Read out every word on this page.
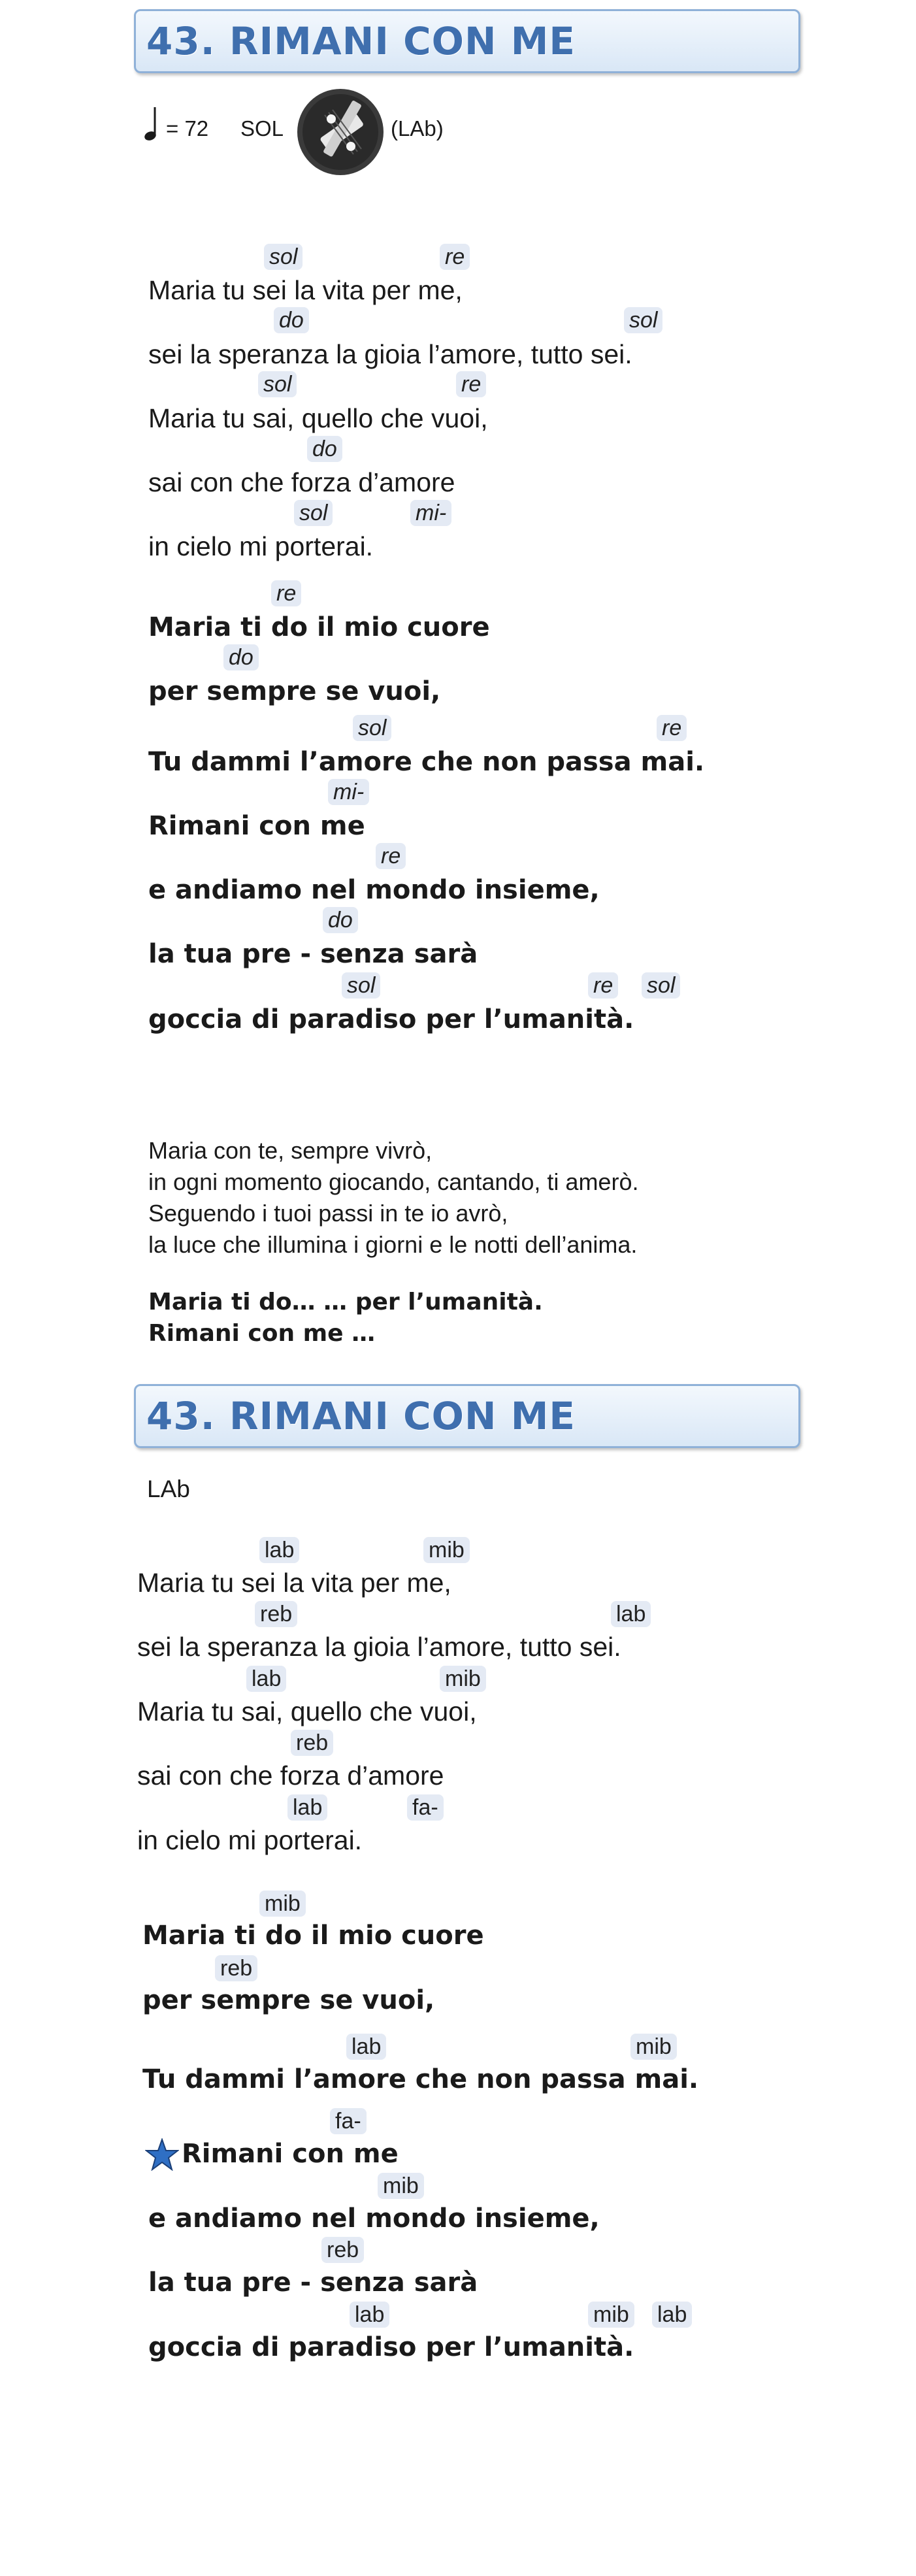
43. RIMANI CON ME
= 72 SOL	(LAb)
sol	re
do	sol
sol	re
do
sol	mi-
re
do
sol	re
mi-
re
do
sol	re sol
Maria tu sei la vita per me,
sei la speranza la gioia l’amore, tutto sei.
Maria tu sai, quello che vuoi,
sai con che forza d’amore
in cielo mi porterai.
Maria ti do il mio cuore
per sempre se vuoi,
Tu dammi l’amore che non passa mai.
Rimani con me
e andiamo nel mondo insieme,
la tua pre - senza sarà
goccia di paradiso per l’umanità.
Maria con te, sempre vivrò,
in ogni momento giocando, cantando, ti amerò.
Seguendo i tuoi passi in te io avrò,
la luce che illumina i giorni e le notti dell’anima.
Maria ti do… … per l’umanità.
Rimani con me …
43. RIMANI CON ME
LAb
lab	mib
reb	lab
lab	mib
reb
lab	fa-
mib
reb
lab	mib
fa-
mib
reb
lab	mib lab
Maria tu sei la vita per me,
sei la speranza la gioia l’amore, tutto sei.
Maria tu sai, quello che vuoi,
sai con che forza d’amore
in cielo mi porterai.
Maria ti do il mio cuore
per sempre se vuoi,
Tu dammi l’amore che non passa mai.
Rimani con me
e andiamo nel mondo insieme,
la tua pre - senza sarà
goccia di paradiso per l’umanità.
